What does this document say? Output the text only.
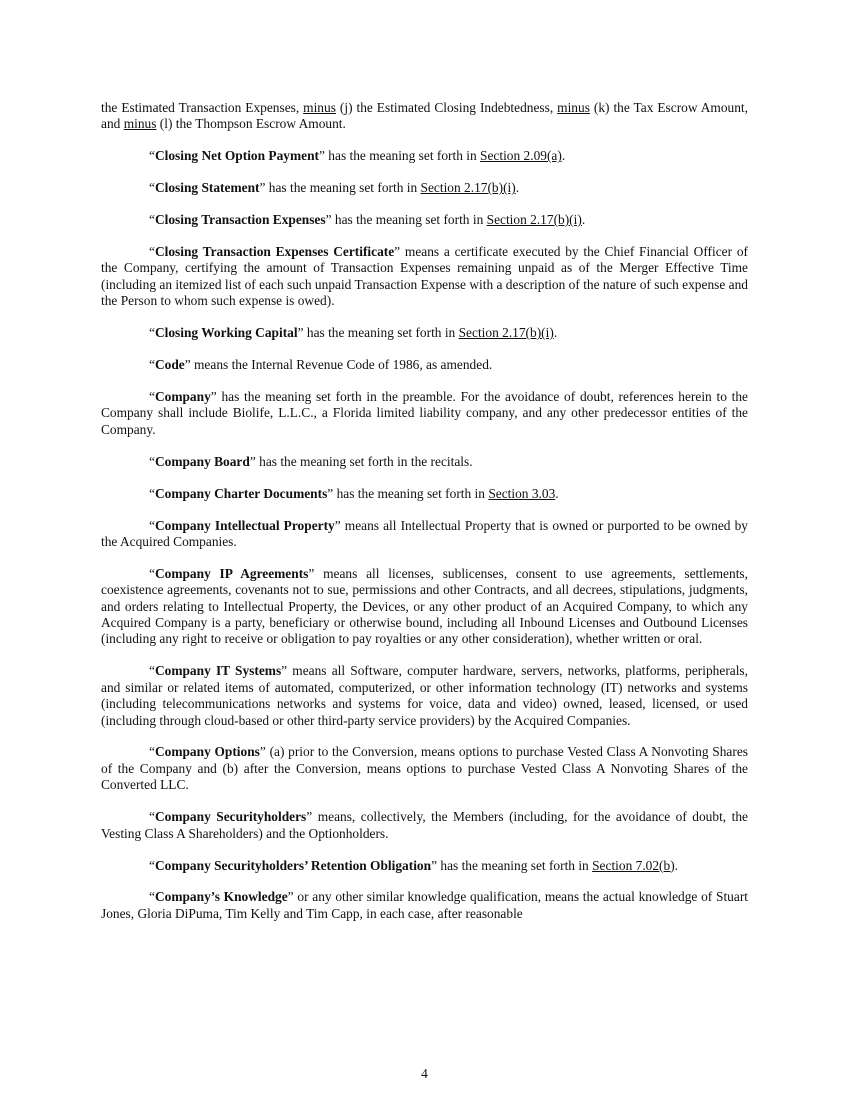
the Estimated Transaction Expenses, minus (j) the Estimated Closing Indebtedness, minus (k) the Tax Escrow Amount, and minus (l) the Thompson Escrow Amount.

“Closing Net Option Payment” has the meaning set forth in Section 2.09(a).

“Closing Statement” has the meaning set forth in Section 2.17(b)(i).

“Closing Transaction Expenses” has the meaning set forth in Section 2.17(b)(i).

“Closing Transaction Expenses Certificate” means a certificate executed by the Chief Financial Officer of the Company, certifying the amount of Transaction Expenses remaining unpaid as of the Merger Effective Time (including an itemized list of each such unpaid Transaction Expense with a description of the nature of such expense and the Person to whom such expense is owed).

“Closing Working Capital” has the meaning set forth in Section 2.17(b)(i).

“Code” means the Internal Revenue Code of 1986, as amended.

“Company” has the meaning set forth in the preamble. For the avoidance of doubt, references herein to the Company shall include Biolife, L.L.C., a Florida limited liability company, and any other predecessor entities of the Company.

“Company Board” has the meaning set forth in the recitals.

“Company Charter Documents” has the meaning set forth in Section 3.03.

“Company Intellectual Property” means all Intellectual Property that is owned or purported to be owned by the Acquired Companies.

“Company IP Agreements” means all licenses, sublicenses, consent to use agreements, settlements, coexistence agreements, covenants not to sue, permissions and other Contracts, and all decrees, stipulations, judgments, and orders relating to Intellectual Property, the Devices, or any other product of an Acquired Company, to which any Acquired Company is a party, beneficiary or otherwise bound, including all Inbound Licenses and Outbound Licenses (including any right to receive or obligation to pay royalties or any other consideration), whether written or oral.

“Company IT Systems” means all Software, computer hardware, servers, networks, platforms, peripherals, and similar or related items of automated, computerized, or other information technology (IT) networks and systems (including telecommunications networks and systems for voice, data and video) owned, leased, licensed, or used (including through cloud-based or other third-party service providers) by the Acquired Companies.

“Company Options” (a) prior to the Conversion, means options to purchase Vested Class A Nonvoting Shares of the Company and (b) after the Conversion, means options to purchase Vested Class A Nonvoting Shares of the Converted LLC.

“Company Securityholders” means, collectively, the Members (including, for the avoidance of doubt, the Vesting Class A Shareholders) and the Optionholders.

“Company Securityholders’ Retention Obligation” has the meaning set forth in Section 7.02(b).

“Company’s Knowledge” or any other similar knowledge qualification, means the actual knowledge of Stuart Jones, Gloria DiPuma, Tim Kelly and Tim Capp, in each case, after reasonable

4
